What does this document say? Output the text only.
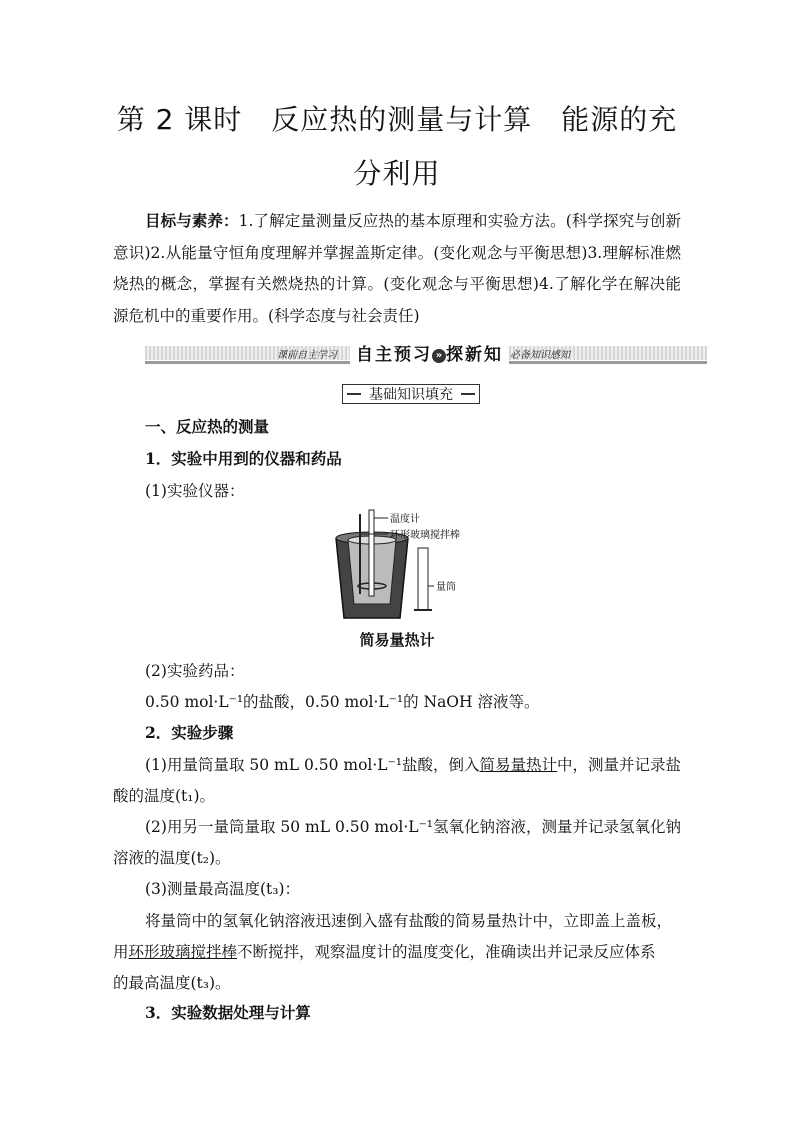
第 2 课时　反应热的测量与计算　能源的充
分利用
目标与素养：1.了解定量测量反应热的基本原理和实验方法。(科学探究与创新意识)2.从能量守恒角度理解并掌握盖斯定律。(变化观念与平衡思想)3.理解标准燃烧热的概念，掌握有关燃烧热的计算。(变化观念与平衡思想)4.了解化学在解决能源危机中的重要作用。(科学态度与社会责任)
课前自主学习	自主预习 » 探新知 必备知识感知
基础知识填充
一、反应热的测量
1．实验中用到的仪器和药品
(1)实验仪器：
温度计
环形玻璃搅拌棒
量筒
简易量热计
(2)实验药品：
0.50 mol·L⁻¹的盐酸，0.50 mol·L⁻¹的 NaOH 溶液等。
2．实验步骤
(1)用量筒量取 50 mL 0.50 mol·L⁻¹盐酸，倒入简易量热计中，测量并记录盐
酸的温度(t₁)。
(2)用另一量筒量取 50 mL 0.50 mol·L⁻¹氢氧化钠溶液，测量并记录氢氧化钠
溶液的温度(t₂)。
(3)测量最高温度(t₃)：
将量筒中的氢氧化钠溶液迅速倒入盛有盐酸的简易量热计中，立即盖上盖板，
用环形玻璃搅拌棒不断搅拌，观察温度计的温度变化，准确读出并记录反应体系
的最高温度(t₃)。
3．实验数据处理与计算
